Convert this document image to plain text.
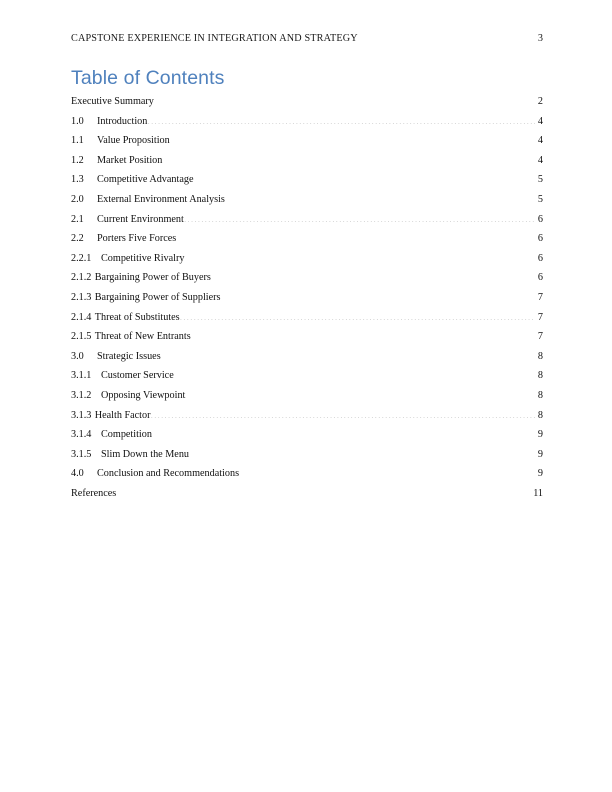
CAPSTONE EXPERIENCE IN INTEGRATION AND STRATEGY	3
Table of Contents
Executive Summary .....	2
1.0	Introduction .....	4
1.1	Value Proposition .....	4
1.2	Market Position .....	4
1.3	Competitive Advantage .....	5
2.0	External Environment Analysis .....	5
2.1	Current Environment .....	6
2.2	Porters Five Forces .....	6
2.2.1 Competitive Rivalry .....	6
2.1.2 Bargaining Power of Buyers .....	6
2.1.3 Bargaining Power of Suppliers .....	7
2.1.4 Threat of Substitutes .....	7
2.1.5 Threat of New Entrants .....	7
3.0	Strategic Issues .....	8
3.1.1 Customer Service .....	8
3.1.2 Opposing Viewpoint .....	8
3.1.3 Health Factor .....	8
3.1.4 Competition .....	9
3.1.5 Slim Down the Menu .....	9
4.0	Conclusion and Recommendations .....	9
References .....	11
